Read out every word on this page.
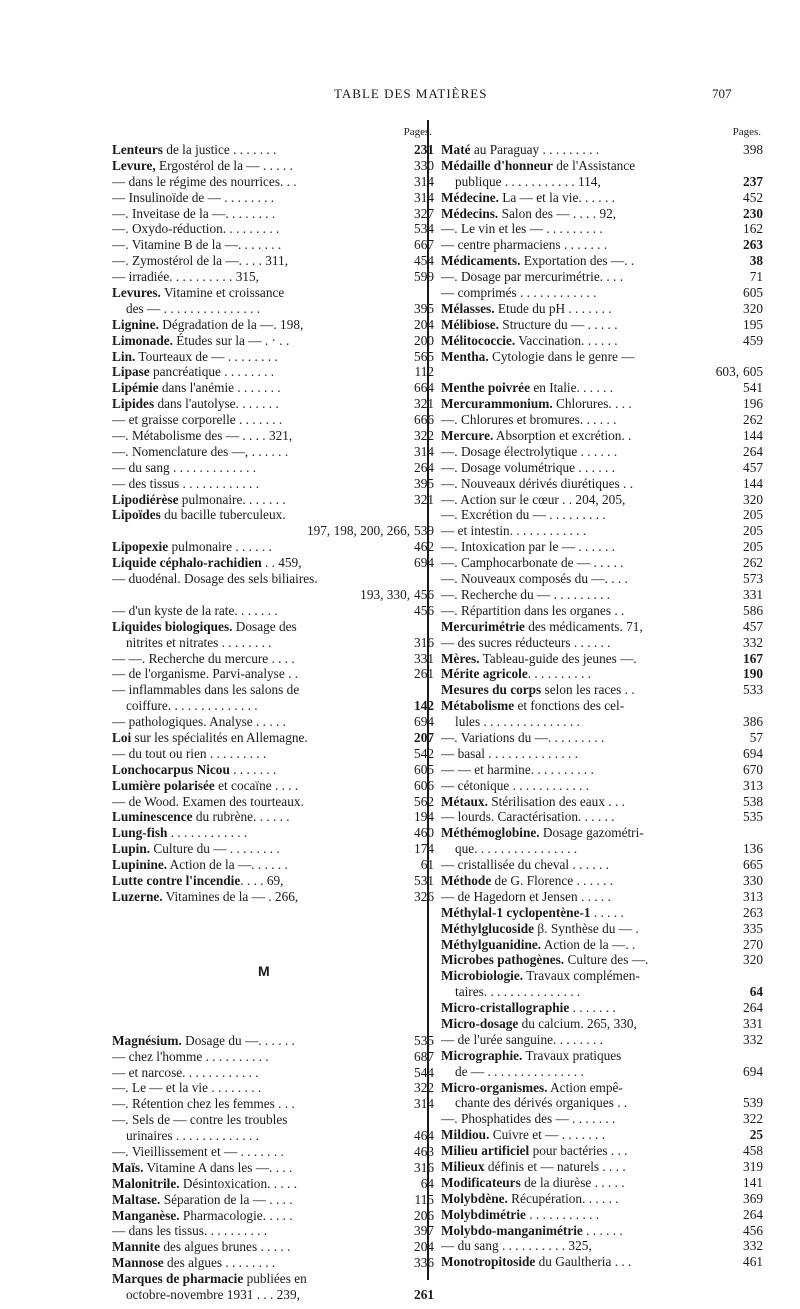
TABLE DES MATIÈRES	707
Pages.
Lenteurs de la justice . . . . . . .	231
Levure, Ergostérol de la — . . . . .	330
— dans le régime des nourrices. . .	314
— Insulinoïde de — . . . . . . . .	314
—. Inveitase de la —. . . . . . . .	327
—. Oxydo-réduction. . . . . . . . .	534
—. Vitamine B de la —. . . . . . .	667
—. Zymostérol de la —. . . . 311,	454
— irradiée. . . . . . . . . . 315,	599
Levures. Vitamine et croissance
des — . . . . . . . . . . . . . . .	395
Lignine. Dégradation de la —. 198,	204
Limonade. Études sur la — . · . .	200
Lin. Tourteaux de — . . . . . . . .	565
Lipase pancréatique . . . . . . . .	112
Lipémie dans l'anémie . . . . . . .	664
Lipides dans l'autolyse. . . . . . .	321
— et graisse corporelle . . . . . . .	666
—. Métabolisme des — . . . . 321,	322
—. Nomenclature des —, . . . . . .	314
— du sang . . . . . . . . . . . . .	264
— des tissus . . . . . . . . . . . .	395
Lipodiérèse pulmonaire. . . . . . .	321
Lipoïdes du bacille tuberculeux.
197, 198, 200, 266, 539
Lipopexie pulmonaire . . . . . .	462
Liquide céphalo-rachidien . . 459,	694
— duodénal. Dosage des sels biliaires.
193, 330, 456
— d'un kyste de la rate. . . . . . .	456
Liquides biologiques. Dosage des
nitrites et nitrates . . . . . . . .	316
— —. Recherche du mercure . . . .	331
— de l'organisme. Parvi-analyse . .	261
— inflammables dans les salons de
coiffure. . . . . . . . . . . . . .	142
— pathologiques. Analyse . . . . .	694
Loi sur les spécialités en Allemagne.	207
— du tout ou rien . . . . . . . . .	542
Lonchocarpus Nicou . . . . . . .	605
Lumière polarisée et cocaïne . . . .	606
— de Wood. Examen des tourteaux.	562
Luminescence du rubrène. . . . . .	194
Lung-fish . . . . . . . . . . . .	460
Lupin. Culture du — . . . . . . . .	174
Lupinine. Action de la —. . . . . .	61
Lutte contre l'incendie. . . . 69,	531
Luzerne. Vitamines de la — . 266,	326
M
Magnésium. Dosage du —. . . . . .	535
— chez l'homme . . . . . . . . . .	687
— et narcose. . . . . . . . . . . .	544
—. Le — et la vie . . . . . . . .	322
—. Rétention chez les femmes . . .	314
—. Sels de — contre les troubles
urinaires . . . . . . . . . . . . .	464
—. Vieillissement et — . . . . . . .	463
Maïs. Vitamine A dans les —. . . .	316
Malonitrile. Désintoxication. . . . .	64
Maltase. Séparation de la — . . . .	115
Manganèse. Pharmacologie. . . . .	206
— dans les tissus. . . . . . . . . .	397
Mannite des algues brunes . . . . .	204
Mannose des algues . . . . . . . .	336
Marques de pharmacie publiées en
octobre-novembre 1931 . . . 239,	261
Pages.
Maté au Paraguay . . . . . . . . .	398
Médaille d'honneur de l'Assistance
publique . . . . . . . . . . . 114,	237
Médecine. La — et la vie. . . . . .	452
Médecins. Salon des — . . . . 92,	230
—. Le vin et les — . . . . . . . . .	162
— centre pharmaciens . . . . . . .	263
Médicaments. Exportation des —. .	38
—. Dosage par mercurimétrie. . . .	71
— comprimés . . . . . . . . . . . .	605
Mélasses. Etude du pH . . . . . . .	320
Mélibiose. Structure du — . . . . .	195
Mélitococcie. Vaccination. . . . . .	459
Mentha. Cytologie dans le genre —
603, 605
Menthe poivrée en Italie. . . . . .	541
Mercurammonium. Chlorures. . . .	196
—. Chlorures et bromures. . . . . .	262
Mercure. Absorption et excrétion. .	144
—. Dosage électrolytique . . . . . .	264
—. Dosage volumétrique . . . . . .	457
—. Nouveaux dérivés diurétiques . .	144
—. Action sur le cœur . . 204, 205,	320
—. Excrétion du — . . . . . . . . .	205
— et intestin. . . . . . . . . . . .	205
—. Intoxication par le — . . . . . .	205
—. Camphocarbonate de — . . . . .	262
—. Nouveaux composés du —. . . .	573
—. Recherche du — . . . . . . . . .	331
—. Répartition dans les organes . .	586
Mercurimétrie des médicaments. 71,	457
— des sucres réducteurs . . . . . .	332
Mères. Tableau-guide des jeunes —.	167
Mérite agricole. . . . . . . . . .	190
Mesures du corps selon les races . .	533
Métabolisme et fonctions des cel-
lules . . . . . . . . . . . . . . .	386
—. Variations du —. . . . . . . . .	57
— basal . . . . . . . . . . . . . .	694
— — et harmine. . . . . . . . . .	670
— cétonique . . . . . . . . . . . .	313
Métaux. Stérilisation des eaux . . .	538
— lourds. Caractérisation. . . . . .	535
Méthémoglobine. Dosage gazométri-
que. . . . . . . . . . . . . . . .	136
— cristallisée du cheval . . . . . .	665
Méthode de G. Florence . . . . . .	330
— de Hagedorn et Jensen . . . . .	313
Méthylal-1 cyclopentène-1 . . . . .	263
Méthylglucoside β. Synthèse du — .	335
Méthylguanidine. Action de la —. .	270
Microbes pathogènes. Culture des —.	320
Microbiologie. Travaux complémen-
taires. . . . . . . . . . . . . . .	64
Micro-cristallographie . . . . . . .	264
Micro-dosage du calcium. 265, 330,	331
— de l'urée sanguine. . . . . . . .	332
Micrographie. Travaux pratiques
de — . . . . . . . . . . . . . . .	694
Micro-organismes. Action empê-
chante des dérivés organiques . .	539
—. Phosphatides des — . . . . . . .	322
Mildiou. Cuivre et — . . . . . . .	25
Milieu artificiel pour bactéries . . .	458
Milieux définis et — naturels . . . .	319
Modificateurs de la diurèse . . . . .	141
Molybdène. Récupération. . . . . .	369
Molybdimétrie . . . . . . . . . . .	264
Molybdo-manganimétrie . . . . . .	456
— du sang . . . . . . . . . . 325,	332
Monotropitoside du Gaultheria . . .	461
